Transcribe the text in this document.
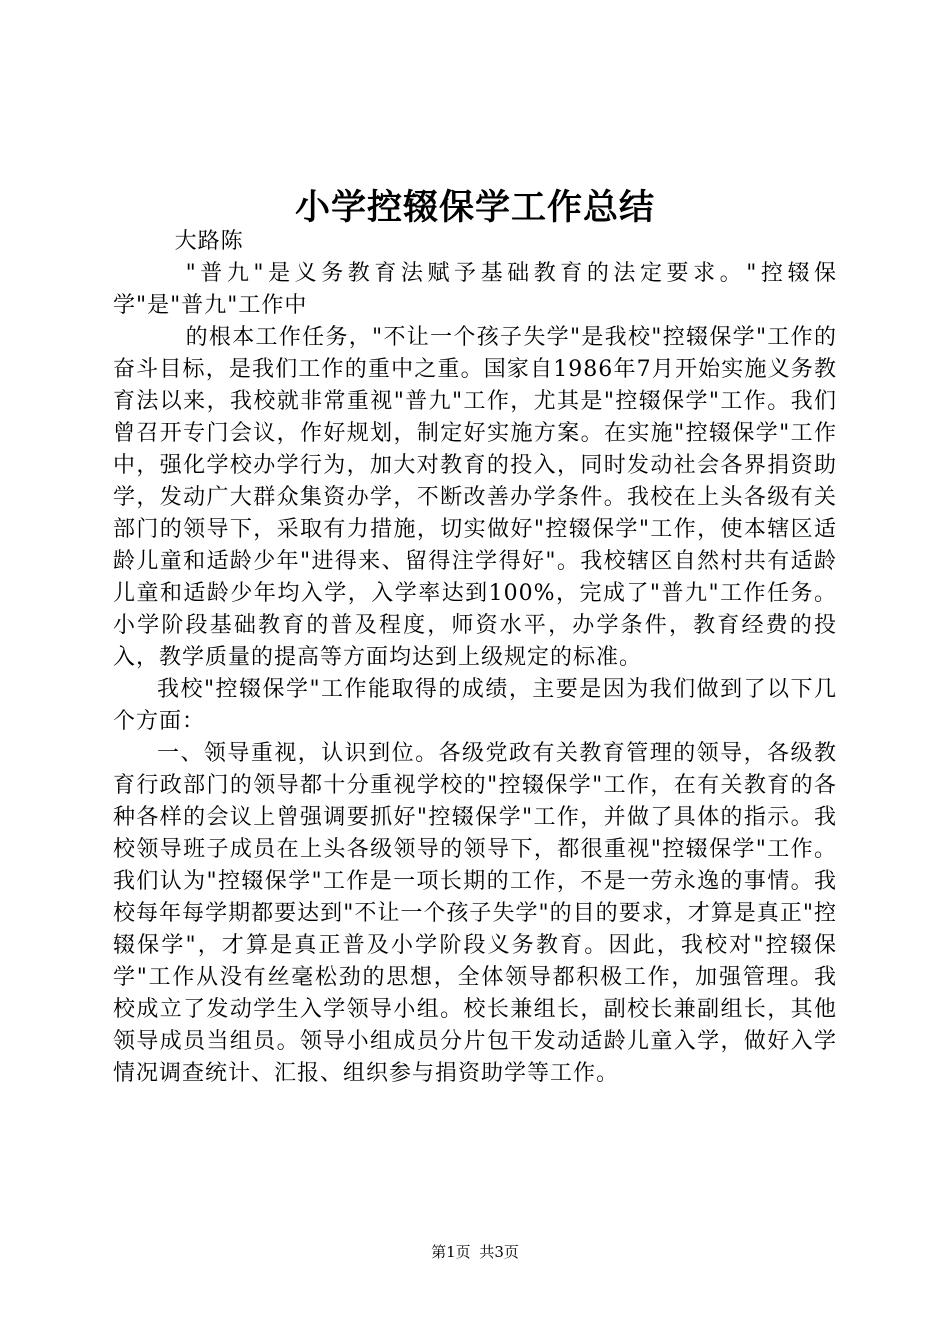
小学控辍保学工作总结

大路陈

"普九"是义务教育法赋予基础教育的法定要求。"控辍保学"是"普九"工作中

的根本工作任务，"不让一个孩子失学"是我校"控辍保学"工作的奋斗目标，是我们工作的重中之重。国家自1986年7月开始实施义务教育法以来，我校就非常重视"普九"工作，尤其是"控辍保学"工作。我们曾召开专门会议，作好规划，制定好实施方案。在实施"控辍保学"工作中，强化学校办学行为，加大对教育的投入，同时发动社会各界捐资助学，发动广大群众集资办学，不断改善办学条件。我校在上头各级有关部门的领导下，采取有力措施，切实做好"控辍保学"工作，使本辖区适龄儿童和适龄少年"进得来、留得注学得好"。我校辖区自然村共有适龄儿童和适龄少年均入学，入学率达到100%，完成了"普九"工作任务。小学阶段基础教育的普及程度，师资水平，办学条件，教育经费的投入，教学质量的提高等方面均达到上级规定的标准。

我校"控辍保学"工作能取得的成绩，主要是因为我们做到了以下几个方面：

一、领导重视，认识到位。各级党政有关教育管理的领导，各级教育行政部门的领导都十分重视学校的"控辍保学"工作，在有关教育的各种各样的会议上曾强调要抓好"控辍保学"工作，并做了具体的指示。我校领导班子成员在上头各级领导的领导下，都很重视"控辍保学"工作。我们认为"控辍保学"工作是一项长期的工作，不是一劳永逸的事情。我校每年每学期都要达到"不让一个孩子失学"的目的要求，才算是真正"控辍保学"，才算是真正普及小学阶段义务教育。因此，我校对"控辍保学"工作从没有丝毫松劲的思想，全体领导都积极工作，加强管理。我校成立了发动学生入学领导小组。校长兼组长，副校长兼副组长，其他领导成员当组员。领导小组成员分片包干发动适龄儿童入学，做好入学情况调查统计、汇报、组织参与捐资助学等工作。

第1页 共3页
